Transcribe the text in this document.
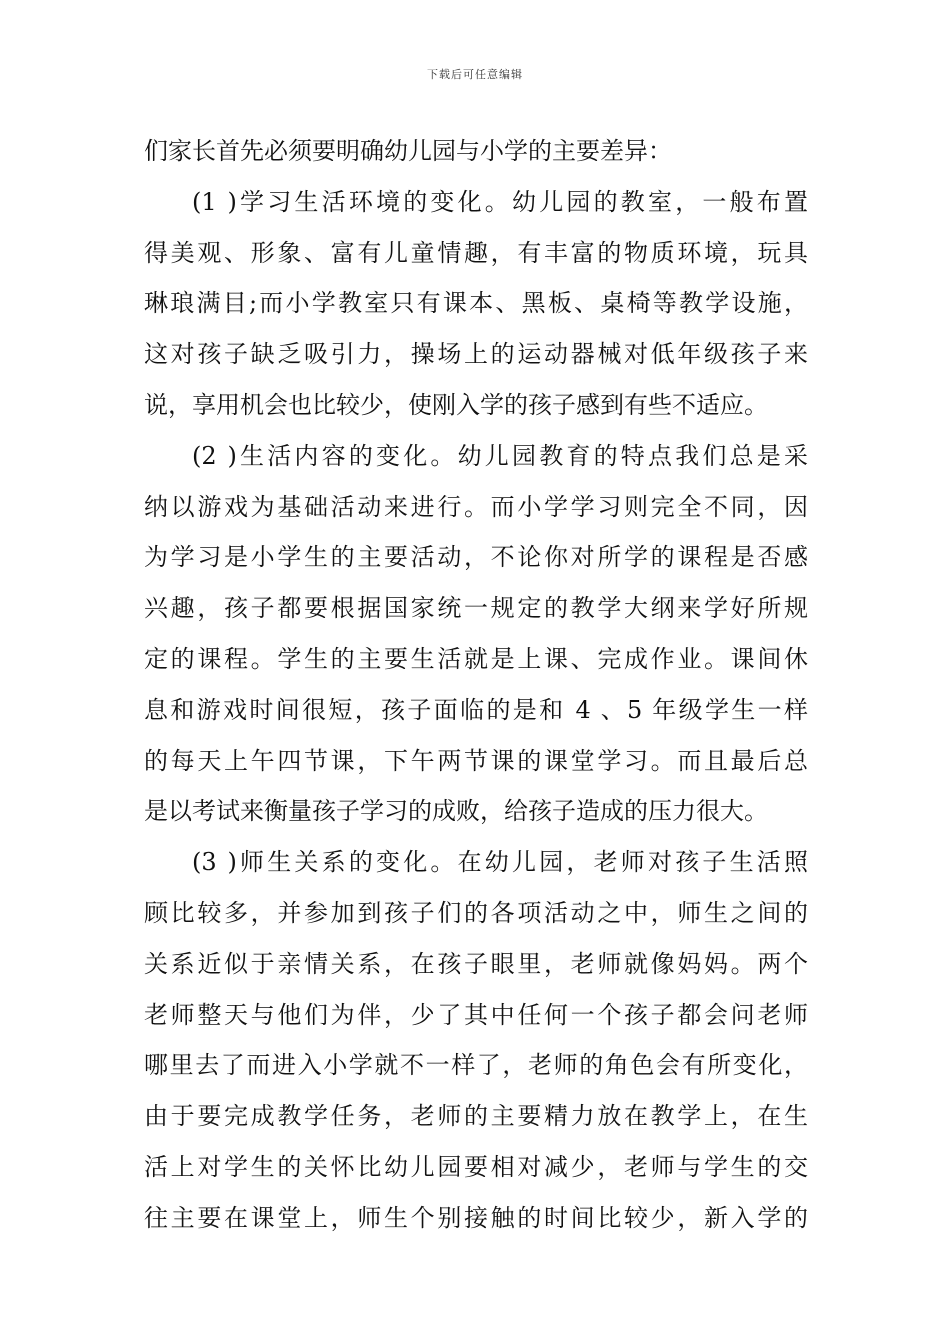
下载后可任意编辑
们家长首先必须要明确幼儿园与小学的主要差异：
(1 )学习生活环境的变化。幼儿园的教室，一般布置
得美观、形象、富有儿童情趣，有丰富的物质环境，玩具
琳琅满目;而小学教室只有课本、黑板、桌椅等教学设施，
这对孩子缺乏吸引力，操场上的运动器械对低年级孩子来
说，享用机会也比较少，使刚入学的孩子感到有些不适应。
(2 )生活内容的变化。幼儿园教育的特点我们总是采
纳以游戏为基础活动来进行。而小学学习则完全不同，因
为学习是小学生的主要活动，不论你对所学的课程是否感
兴趣，孩子都要根据国家统一规定的教学大纲来学好所规
定的课程。学生的主要生活就是上课、完成作业。课间休
息和游戏时间很短，孩子面临的是和 4 、5 年级学生一样
的每天上午四节课，下午两节课的课堂学习。而且最后总
是以考试来衡量孩子学习的成败，给孩子造成的压力很大。
(3 )师生关系的变化。在幼儿园，老师对孩子生活照
顾比较多，并参加到孩子们的各项活动之中，师生之间的
关系近似于亲情关系，在孩子眼里，老师就像妈妈。两个
老师整天与他们为伴，少了其中任何一个孩子都会问老师
哪里去了而进入小学就不一样了，老师的角色会有所变化，
由于要完成教学任务，老师的主要精力放在教学上，在生
活上对学生的关怀比幼儿园要相对减少，老师与学生的交
往主要在课堂上，师生个别接触的时间比较少，新入学的
